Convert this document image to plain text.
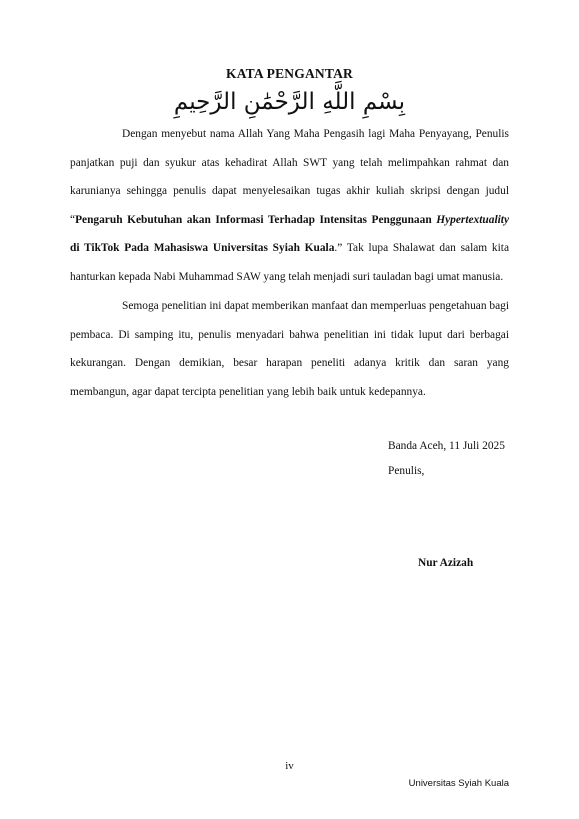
KATA PENGANTAR
بِسْمِ اللَّهِ الرَّحْمَٰنِ الرَّحِيمِ

Dengan menyebut nama Allah Yang Maha Pengasih lagi Maha Penyayang, Penulis panjatkan puji dan syukur atas kehadirat Allah SWT yang telah melimpahkan rahmat dan karunianya sehingga penulis dapat menyelesaikan tugas akhir kuliah skripsi dengan judul “Pengaruh Kebutuhan akan Informasi Terhadap Intensitas Penggunaan Hypertextuality di TikTok Pada Mahasiswa Universitas Syiah Kuala.” Tak lupa Shalawat dan salam kita hanturkan kepada Nabi Muhammad SAW yang telah menjadi suri tauladan bagi umat manusia.

Semoga penelitian ini dapat memberikan manfaat dan memperluas pengetahuan bagi pembaca. Di samping itu, penulis menyadari bahwa penelitian ini tidak luput dari berbagai kekurangan. Dengan demikian, besar harapan peneliti adanya kritik dan saran yang membangun, agar dapat tercipta penelitian yang lebih baik untuk kedepannya.

Banda Aceh, 11 Juli 2025
Penulis,
Nur Azizah
iv
Universitas Syiah Kuala
